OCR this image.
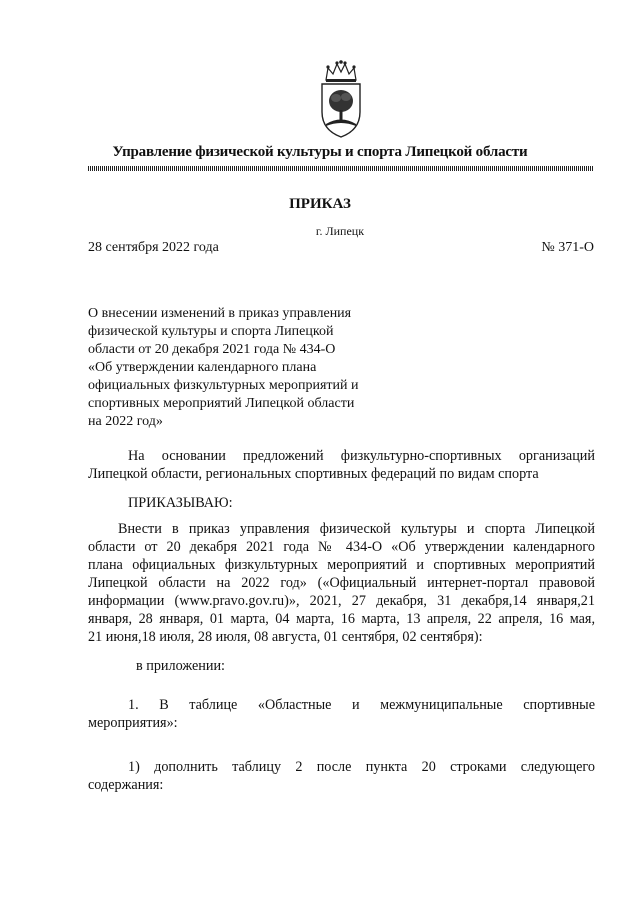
Управление физической культуры и спорта Липецкой области
ПРИКАЗ
г. Липецк
28 сентября 2022 года	№ 371-О
О внесении изменений в приказ управления
физической культуры и спорта Липецкой
области от 20 декабря 2021 года № 434-О
«Об утверждении календарного плана
официальных физкультурных мероприятий и
спортивных мероприятий Липецкой области
на 2022 год»
На основании предложений физкультурно-спортивных организаций
Липецкой области, региональных спортивных федераций по видам спорта
ПРИКАЗЫВАЮ:
Внести в приказ управления физической культуры и спорта Липецкой
области от 20 декабря 2021 года № 434-О «Об утверждении календарного
плана официальных физкультурных мероприятий и спортивных мероприятий
Липецкой области на 2022 год» («Официальный интернет-портал правовой
информации (www.pravo.gov.ru)», 2021, 27 декабря, 31 декабря,14 января,21
января, 28 января, 01 марта, 04 марта, 16 марта, 13 апреля, 22 апреля, 16 мая,
21 июня,18 июля, 28 июля, 08 августа, 01 сентября, 02 сентября):
в приложении:
1. В таблице «Областные и межмуниципальные спортивные
мероприятия»:
1) дополнить таблицу 2 после пункта 20 строками следующего
содержания:
